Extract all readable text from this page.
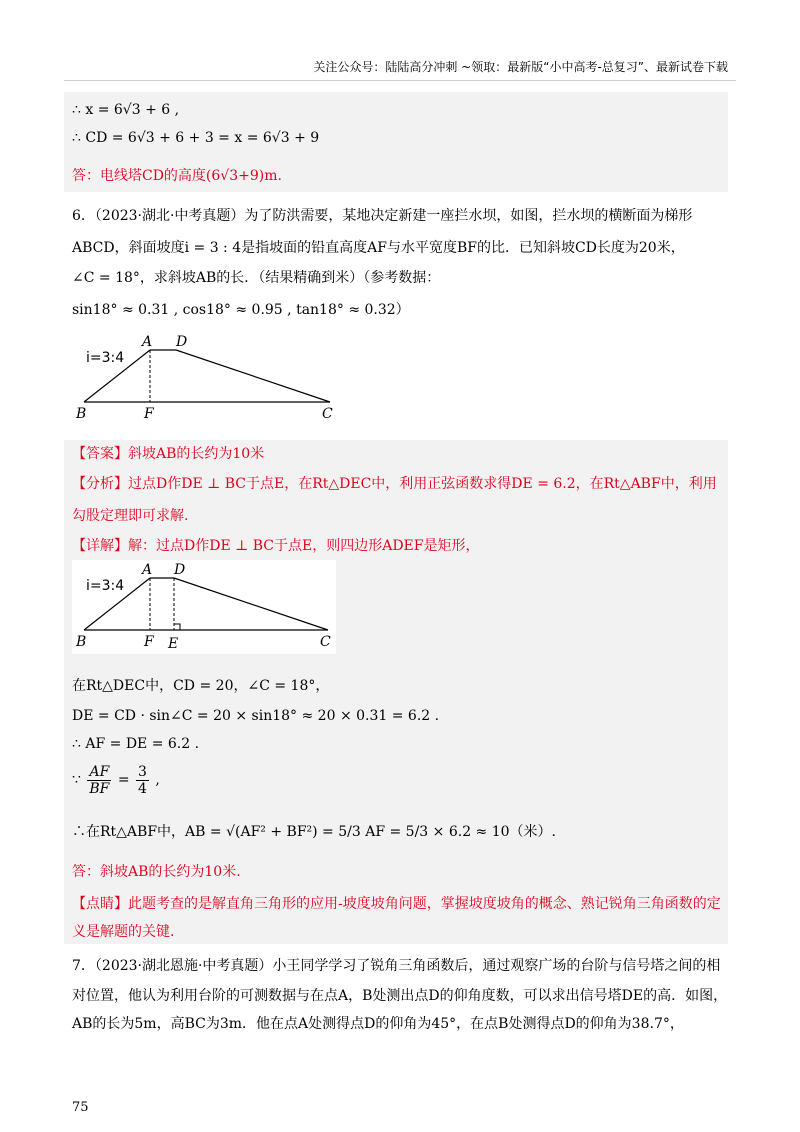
关注公众号：陆陆高分冲刺 ~领取：最新版“小中高考-总复习”、最新试卷下载
∴ x = 6√3 + 6 ,
∴ CD = 6√3 + 6 + 3 = x = 6√3 + 9
答：电线塔CD的高度(6√3+9)m.
6．（2023·湖北·中考真题）为了防洪需要，某地决定新建一座拦水坝，如图，拦水坝的横断面为梯形
ABCD，斜面坡度i = 3 : 4是指坡面的铅直高度AF与水平宽度BF的比．已知斜坡CD长度为20米，
∠C = 18°，求斜坡AB的长．（结果精确到米）（参考数据：
sin18° ≈ 0.31 , cos18° ≈ 0.95 , tan18° ≈ 0.32）
A D
B	F	C
i=3:4
【答案】斜坡AB的长约为10米
【分析】过点D作DE ⊥ BC于点E，在Rt△DEC中，利用正弦函数求得DE = 6.2，在Rt△ABF中，利用
勾股定理即可求解.
【详解】解：过点D作DE ⊥ BC于点E，则四边形ADEF是矩形，
A D
B	F E	C
i=3:4
在Rt△DEC中，CD = 20，∠C = 18°，
DE = CD · sin∠C = 20 × sin18° ≈ 20 × 0.31 = 6.2 .
∴ AF = DE = 6.2 .
∵ $\frac{AF}{BF} = \frac{3}{4}$ ,
∴在Rt△ABF中，AB = √(AF² + BF²) = 5/3 AF = 5/3 × 6.2 ≈ 10（米）.
答：斜坡AB的长约为10米.
【点睛】此题考查的是解直角三角形的应用-坡度坡角问题，掌握坡度坡角的概念、熟记锐角三角函数的定
义是解题的关键.
7．（2023·湖北恩施·中考真题）小王同学学习了锐角三角函数后，通过观察广场的台阶与信号塔之间的相
对位置，他认为利用台阶的可测数据与在点A，B处测出点D的仰角度数，可以求出信号塔DE的高．如图，
AB的长为5m，高BC为3m．他在点A处测得点D的仰角为45°，在点B处测得点D的仰角为38.7°，
75
